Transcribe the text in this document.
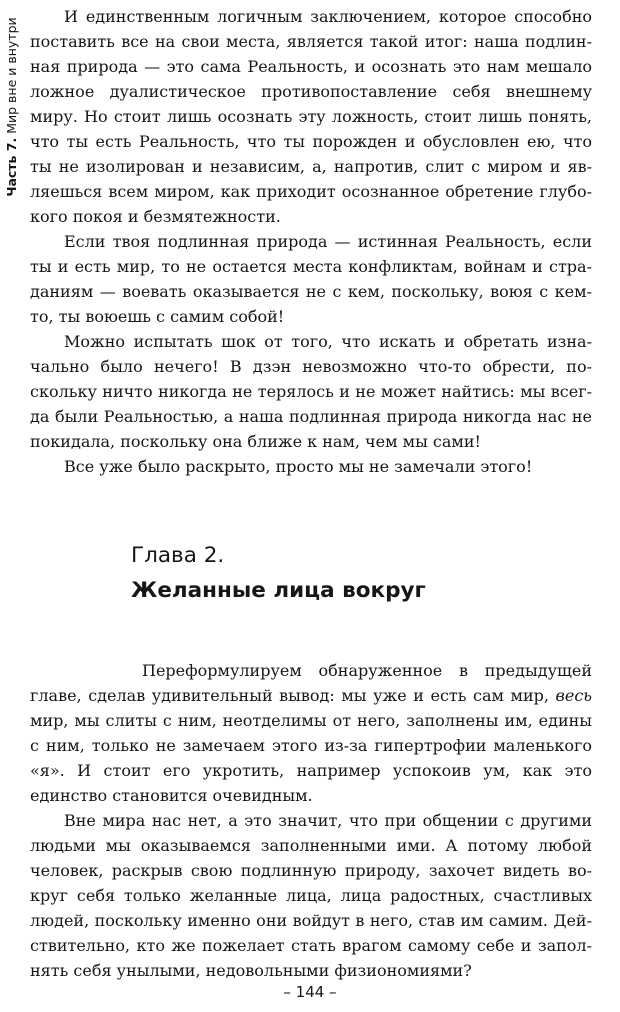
Часть 7. Мир вне и внутри

И единственным логичным заключением, которое способно поставить все на свои места, является такой итог: наша подлинная природа — это сама Реальность, и осознать это нам мешало ложное дуалистическое противопоставление себя внешнему миру. Но стоит лишь осознать эту ложность, стоит лишь понять, что ты есть Реальность, что ты порожден и обусловлен ею, что ты не изолирован и независим, а, напротив, слит с миром и являешься всем миром, как приходит осознанное обретение глубокого покоя и безмятежности.

Если твоя подлинная природа — истинная Реальность, если ты и есть мир, то не остается места конфликтам, войнам и страданиям — воевать оказывается не с кем, поскольку, воюя с кем-то, ты воюешь с самим собой!

Можно испытать шок от того, что искать и обретать изначально было нечего! В дзэн невозможно что-то обрести, поскольку ничто никогда не терялось и не может найтись: мы всегда были Реальностью, а наша подлинная природа никогда нас не покидала, поскольку она ближе к нам, чем мы сами!

Все уже было раскрыто, просто мы не замечали этого!

Глава 2.
Желанные лица вокруг

Переформулируем обнаруженное в предыдущей главе, сделав удивительный вывод: мы уже и есть сам мир, весь мир, мы слиты с ним, неотделимы от него, заполнены им, едины с ним, только не замечаем этого из-за гипертрофии маленького «я». И стоит его укротить, например успокоив ум, как это единство становится очевидным.

Вне мира нас нет, а это значит, что при общении с другими людьми мы оказываемся заполненными ими. А потому любой человек, раскрыв свою подлинную природу, захочет видеть вокруг себя только желанные лица, лица радостных, счастливых людей, поскольку именно они войдут в него, став им самим. Действительно, кто же пожелает стать врагом самому себе и заполнять себя унылыми, недовольными физиономиями?

– 144 –
